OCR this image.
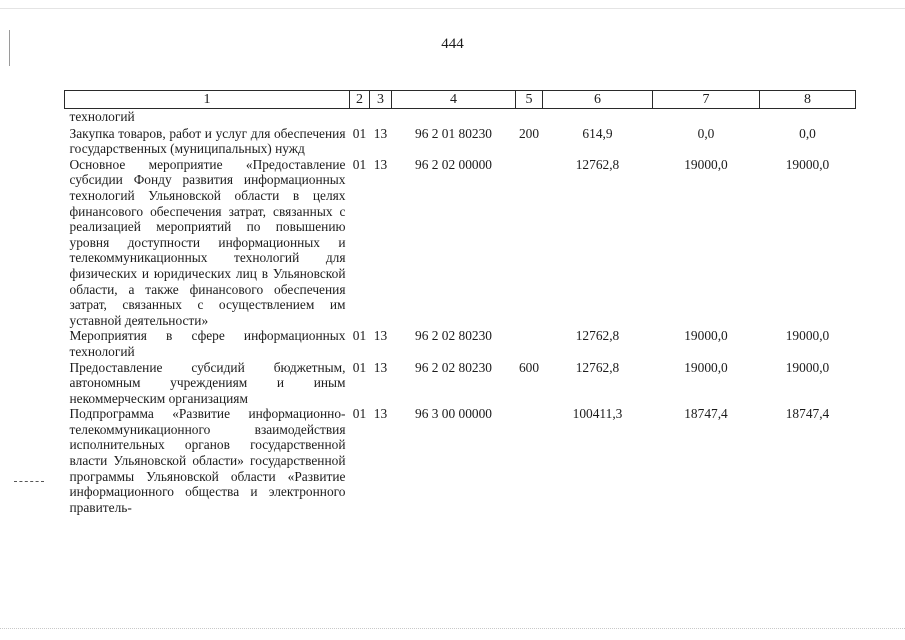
444
1	2	3	4	5	6	7	8
технологий							
Закупка товаров, работ и услуг для обеспечения государственных (муниципальных) нужд	01	13	96 2 01 80230	200	614,9	0,0	0,0
Основное мероприятие «Предоставление субсидии Фонду развития информационных технологий Ульяновской области в целях финансового обеспечения затрат, связанных с реализацией мероприятий по повышению уровня доступности информационных и телекоммуникационных технологий для физических и юридических лиц в Ульяновской области, а также финансового обеспечения затрат, связанных с осуществлением им уставной деятельности»	01	13	96 2 02 00000		12762,8	19000,0	19000,0
Мероприятия в сфере информационных технологий	01	13	96 2 02 80230		12762,8	19000,0	19000,0
Предоставление субсидий бюджетным, автономным учреждениям и иным некоммерческим организациям	01	13	96 2 02 80230	600	12762,8	19000,0	19000,0
Подпрограмма «Развитие информационно-телекоммуникационного взаимодействия исполнительных органов государственной власти Ульяновской области» государственной программы Ульяновской области «Развитие информационного общества и электронного правитель-	01	13	96 3 00 00000		100411,3	18747,4	18747,4
